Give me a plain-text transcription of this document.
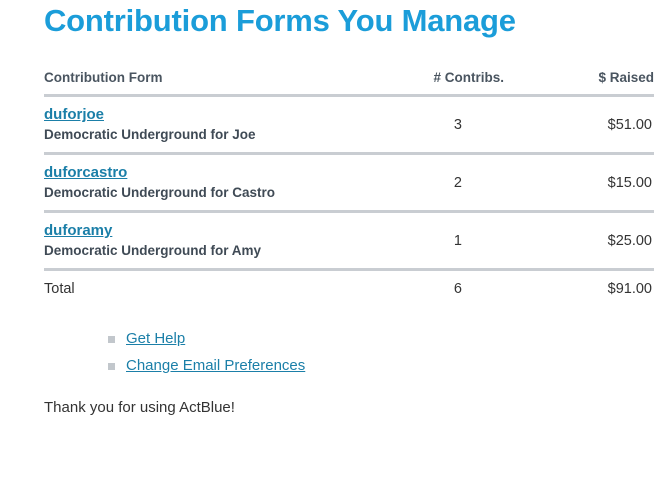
Contribution Forms You Manage
Contribution Form	# Contribs.	$ Raised

duforjoe
Democratic Underground for Joe	3	$51.00

duforcastro
Democratic Underground for Castro	2	$15.00

duforamy
Democratic Underground for Amy	1	$25.00
Total	6	$91.00
Get Help
Change Email Preferences
Thank you for using ActBlue!
